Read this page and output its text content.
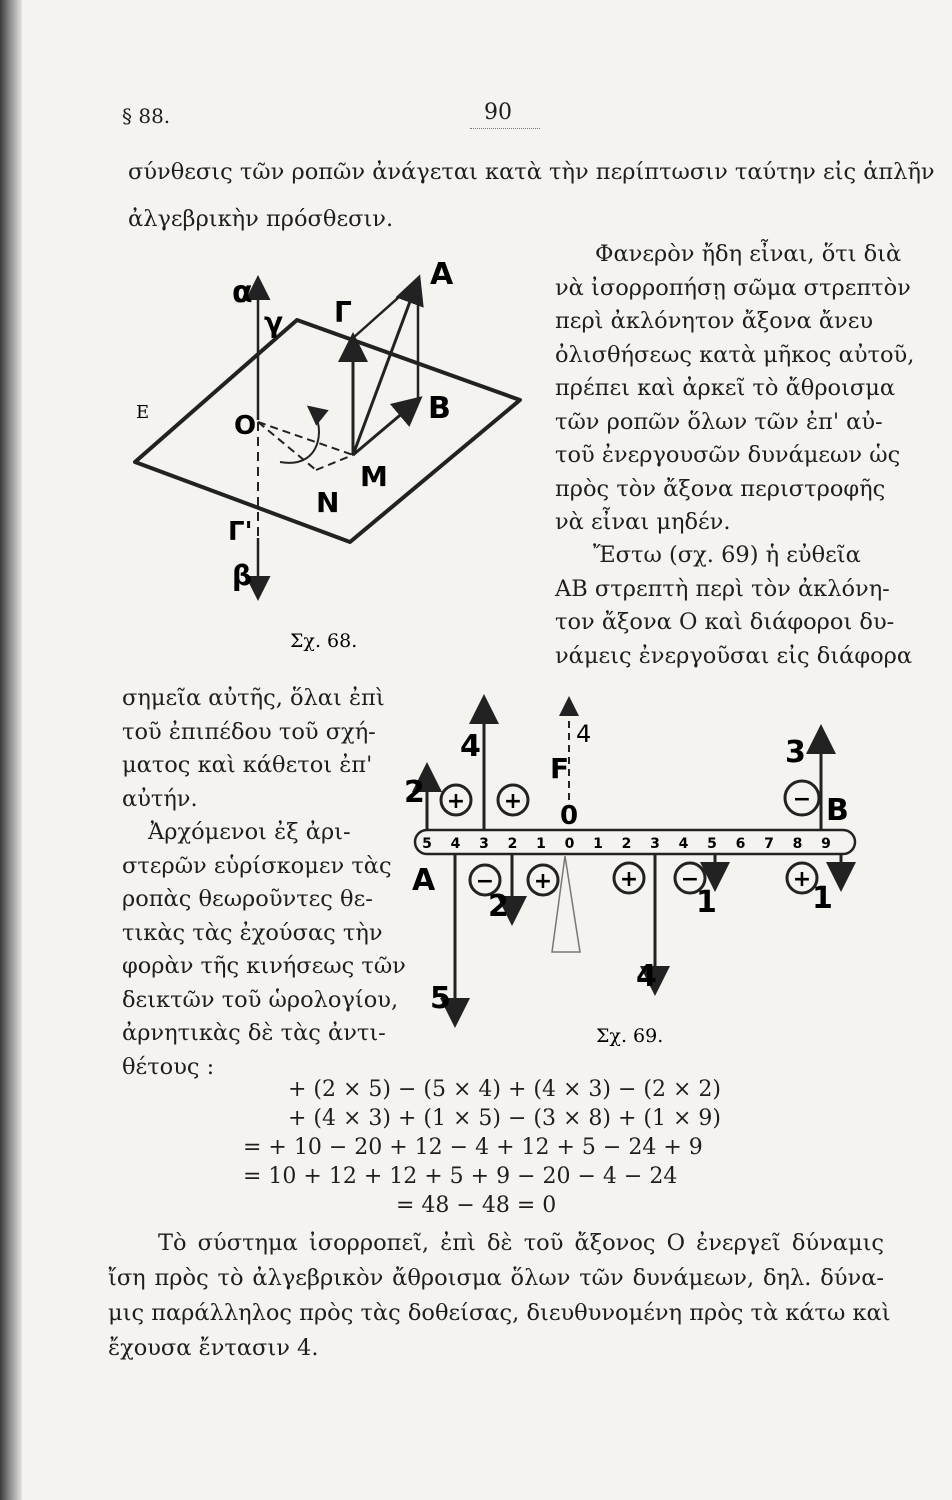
§ 88.	90
σύνθεσις τῶν ροπῶν ἀνάγεται κατὰ τὴν περίπτωσιν ταύτην εἰς ἁπλῆν
ἀλγεβρικὴν πρόσθεσιν.
Φανερὸν ἤδη εἶναι, ὅτι διὰ
νὰ ἰσορροπήσῃ σῶμα στρεπτὸν
περὶ ἀκλόνητον ἄξονα ἄνευ
ὀλισθήσεως κατὰ μῆκος αὐτοῦ,
πρέπει καὶ ἀρκεῖ τὸ ἄθροισμα
τῶν ροπῶν ὅλων τῶν ἐπ' αὐ-
τοῦ ἐνεργουσῶν δυνάμεων ὡς
πρὸς τὸν ἄξονα περιστροφῆς
νὰ εἶναι μηδέν.
Ἔστω (σχ. 69) ἡ εὐθεῖα
ΑΒ στρεπτὴ περὶ τὸν ἀκλόνη-
τον ἄξονα Ο καὶ διάφοροι δυ-
νάμεις ἐνεργοῦσαι εἰς διάφορα
α
γ Γ
Α
Β
E	O
M
N
Γ'
β
Σχ. 68.
σημεῖα αὐτῆς, ὅλαι ἐπὶ
τοῦ ἐπιπέδου τοῦ σχή-
ματος καὶ κάθετοι ἐπ'
αὐτήν.
Ἀρχόμενοι ἐξ ἀρι-
στερῶν εὑρίσκομεν τὰς
ροπὰς θεωροῦντες θε-
τικὰς τὰς ἐχούσας τὴν
φορὰν τῆς κινήσεως τῶν
δεικτῶν τοῦ ὡρολογίου,
ἀρνητικὰς δὲ τὰς ἀντι-
θέτους :
5 4 3 2 1 0 1 2 3 4 5 6 7 8 9
+ +	−
− +	+ −	+
A
B
0
F
4
2
4	3
5
2
4
1	1
Σχ. 69.
+ (2 × 5) − (5 × 4) + (4 × 3) − (2 × 2)
+ (4 × 3) + (1 × 5) − (3 × 8) + (1 × 9)
= + 10 − 20 + 12 − 4 + 12 + 5 − 24 + 9
= 10 + 12 + 12 + 5 + 9 − 20 − 4 − 24
= 48 − 48 = 0
Τὸ σύστημα ἰσορροπεῖ, ἐπὶ δὲ τοῦ ἄξονος Ο ἐνεργεῖ δύναμις
ἴση πρὸς τὸ ἀλγεβρικὸν ἄθροισμα ὅλων τῶν δυνάμεων, δηλ. δύνα-
μις παράλληλος πρὸς τὰς δοθείσας, διευθυνομένη πρὸς τὰ κάτω καὶ
ἔχουσα ἔντασιν 4.
